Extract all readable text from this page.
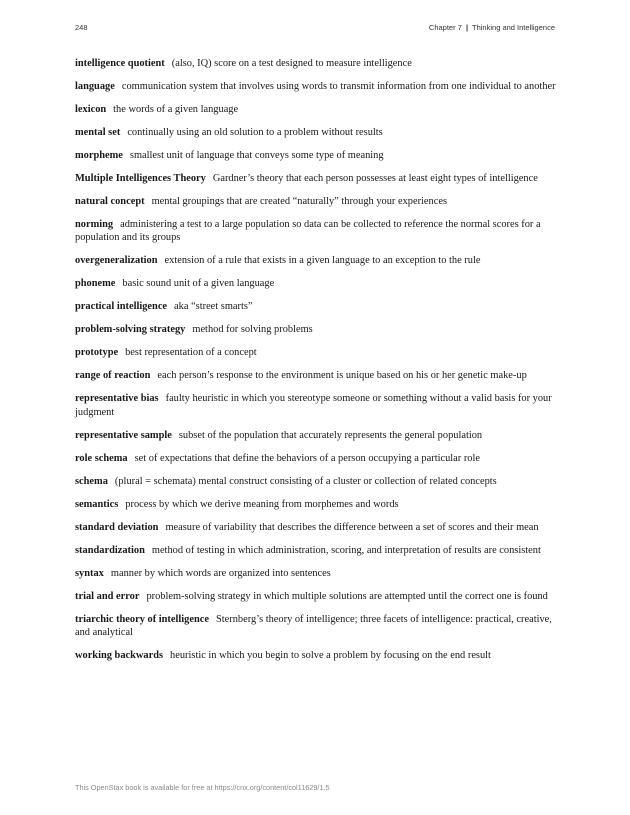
248	Chapter 7 | Thinking and Intelligence
intelligence quotient (also, IQ) score on a test designed to measure intelligence
language communication system that involves using words to transmit information from one individual to another
lexicon the words of a given language
mental set continually using an old solution to a problem without results
morpheme smallest unit of language that conveys some type of meaning
Multiple Intelligences Theory Gardner’s theory that each person possesses at least eight types of intelligence
natural concept mental groupings that are created “naturally” through your experiences
norming administering a test to a large population so data can be collected to reference the normal scores for a population and its groups
overgeneralization extension of a rule that exists in a given language to an exception to the rule
phoneme basic sound unit of a given language
practical intelligence aka “street smarts”
problem-solving strategy method for solving problems
prototype best representation of a concept
range of reaction each person’s response to the environment is unique based on his or her genetic make-up
representative bias faulty heuristic in which you stereotype someone or something without a valid basis for your judgment
representative sample subset of the population that accurately represents the general population
role schema set of expectations that define the behaviors of a person occupying a particular role
schema (plural = schemata) mental construct consisting of a cluster or collection of related concepts
semantics process by which we derive meaning from morphemes and words
standard deviation measure of variability that describes the difference between a set of scores and their mean
standardization method of testing in which administration, scoring, and interpretation of results are consistent
syntax manner by which words are organized into sentences
trial and error problem-solving strategy in which multiple solutions are attempted until the correct one is found
triarchic theory of intelligence Sternberg’s theory of intelligence; three facets of intelligence: practical, creative, and analytical
working backwards heuristic in which you begin to solve a problem by focusing on the end result
This OpenStax book is available for free at https://cnx.org/content/col11629/1.5
